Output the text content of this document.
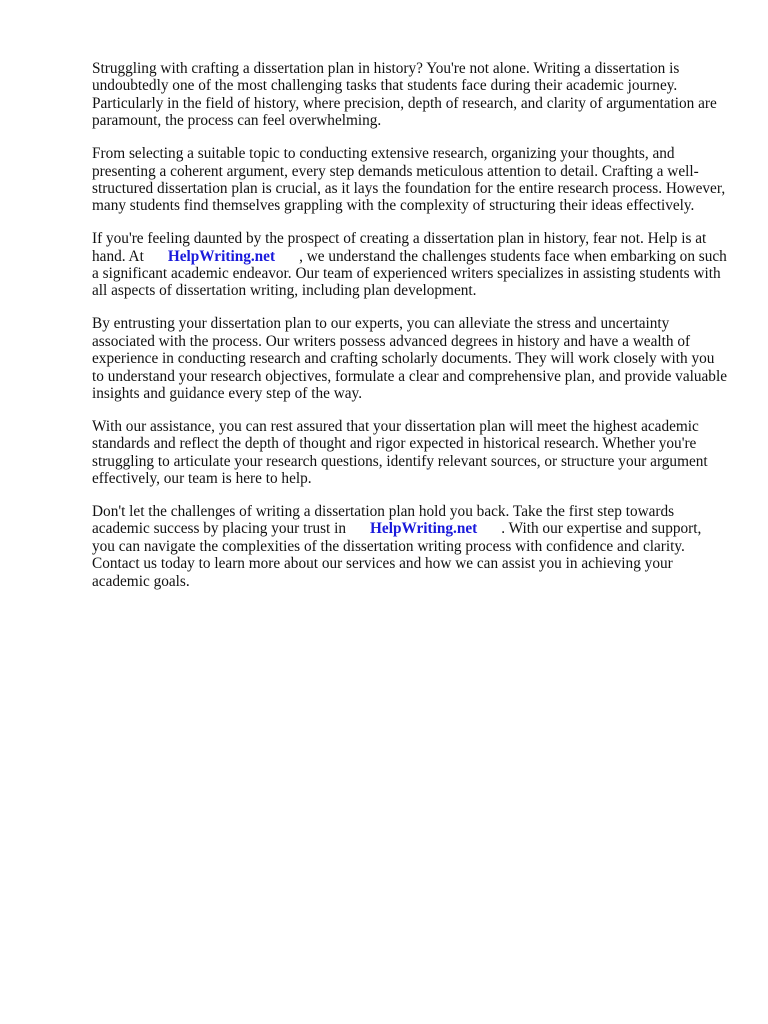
Struggling with crafting a dissertation plan in history? You're not alone. Writing a dissertation is undoubtedly one of the most challenging tasks that students face during their academic journey. Particularly in the field of history, where precision, depth of research, and clarity of argumentation are paramount, the process can feel overwhelming.

From selecting a suitable topic to conducting extensive research, organizing your thoughts, and presenting a coherent argument, every step demands meticulous attention to detail. Crafting a well-structured dissertation plan is crucial, as it lays the foundation for the entire research process. However, many students find themselves grappling with the complexity of structuring their ideas effectively.

If you're feeling daunted by the prospect of creating a dissertation plan in history, fear not. Help is at hand. At HelpWriting.net , we understand the challenges students face when embarking on such a significant academic endeavor. Our team of experienced writers specializes in assisting students with all aspects of dissertation writing, including plan development.

By entrusting your dissertation plan to our experts, you can alleviate the stress and uncertainty associated with the process. Our writers possess advanced degrees in history and have a wealth of experience in conducting research and crafting scholarly documents. They will work closely with you to understand your research objectives, formulate a clear and comprehensive plan, and provide valuable insights and guidance every step of the way.

With our assistance, you can rest assured that your dissertation plan will meet the highest academic standards and reflect the depth of thought and rigor expected in historical research. Whether you're struggling to articulate your research questions, identify relevant sources, or structure your argument effectively, our team is here to help.

Don't let the challenges of writing a dissertation plan hold you back. Take the first step towards academic success by placing your trust in HelpWriting.net . With our expertise and support, you can navigate the complexities of the dissertation writing process with confidence and clarity. Contact us today to learn more about our services and how we can assist you in achieving your academic goals.
